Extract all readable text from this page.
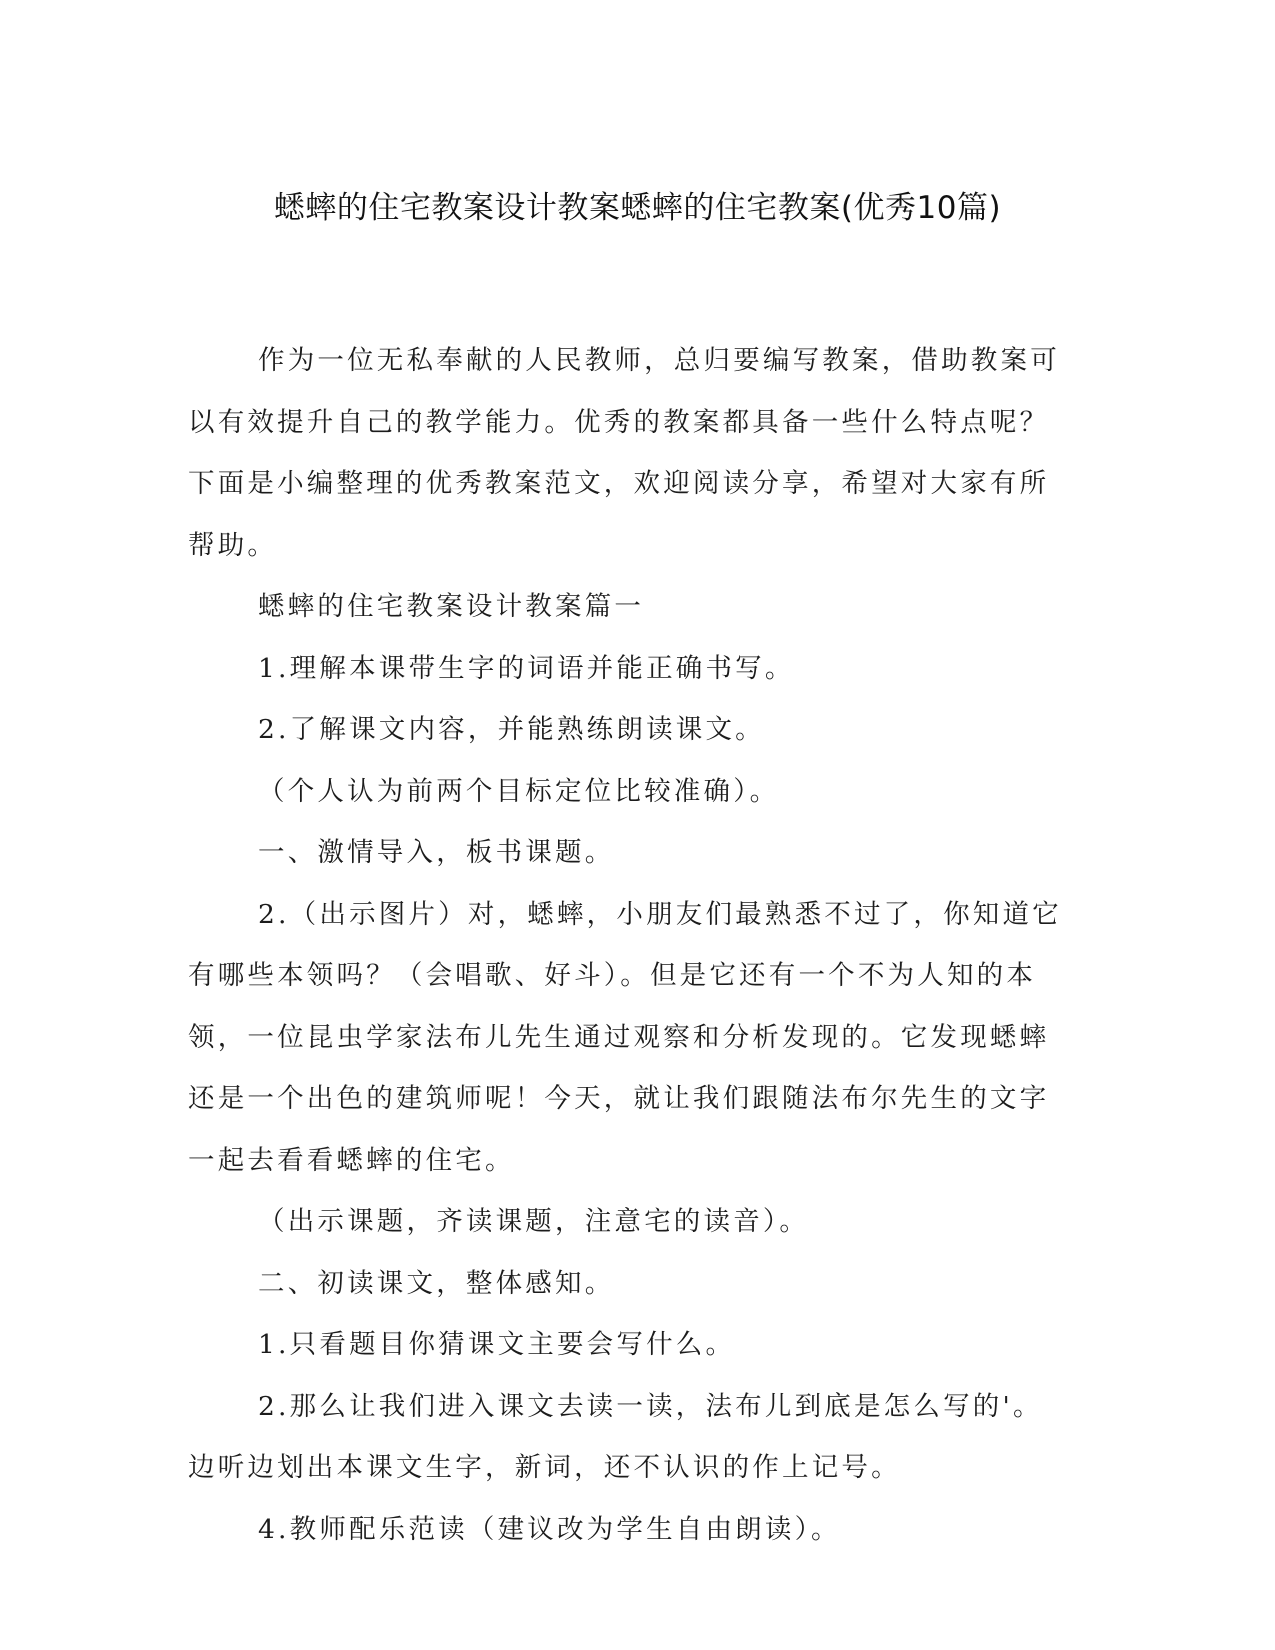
蟋蟀的住宅教案设计教案蟋蟀的住宅教案(优秀10篇)

作为一位无私奉献的人民教师，总归要编写教案，借助教案可以有效提升自己的教学能力。优秀的教案都具备一些什么特点呢？下面是小编整理的优秀教案范文，欢迎阅读分享，希望对大家有所帮助。

蟋蟀的住宅教案设计教案篇一

1.理解本课带生字的词语并能正确书写。

2.了解课文内容，并能熟练朗读课文。

（个人认为前两个目标定位比较准确）。

一、激情导入，板书课题。

2.（出示图片）对，蟋蟀，小朋友们最熟悉不过了，你知道它有哪些本领吗？（会唱歌、好斗）。但是它还有一个不为人知的本领，一位昆虫学家法布儿先生通过观察和分析发现的。它发现蟋蟀还是一个出色的建筑师呢！今天，就让我们跟随法布尔先生的文字一起去看看蟋蟀的住宅。

（出示课题，齐读课题，注意宅的读音）。

二、初读课文，整体感知。

1.只看题目你猜课文主要会写什么。

2.那么让我们进入课文去读一读，法布儿到底是怎么写的'。边听边划出本课文生字，新词，还不认识的作上记号。

4.教师配乐范读（建议改为学生自由朗读）。
